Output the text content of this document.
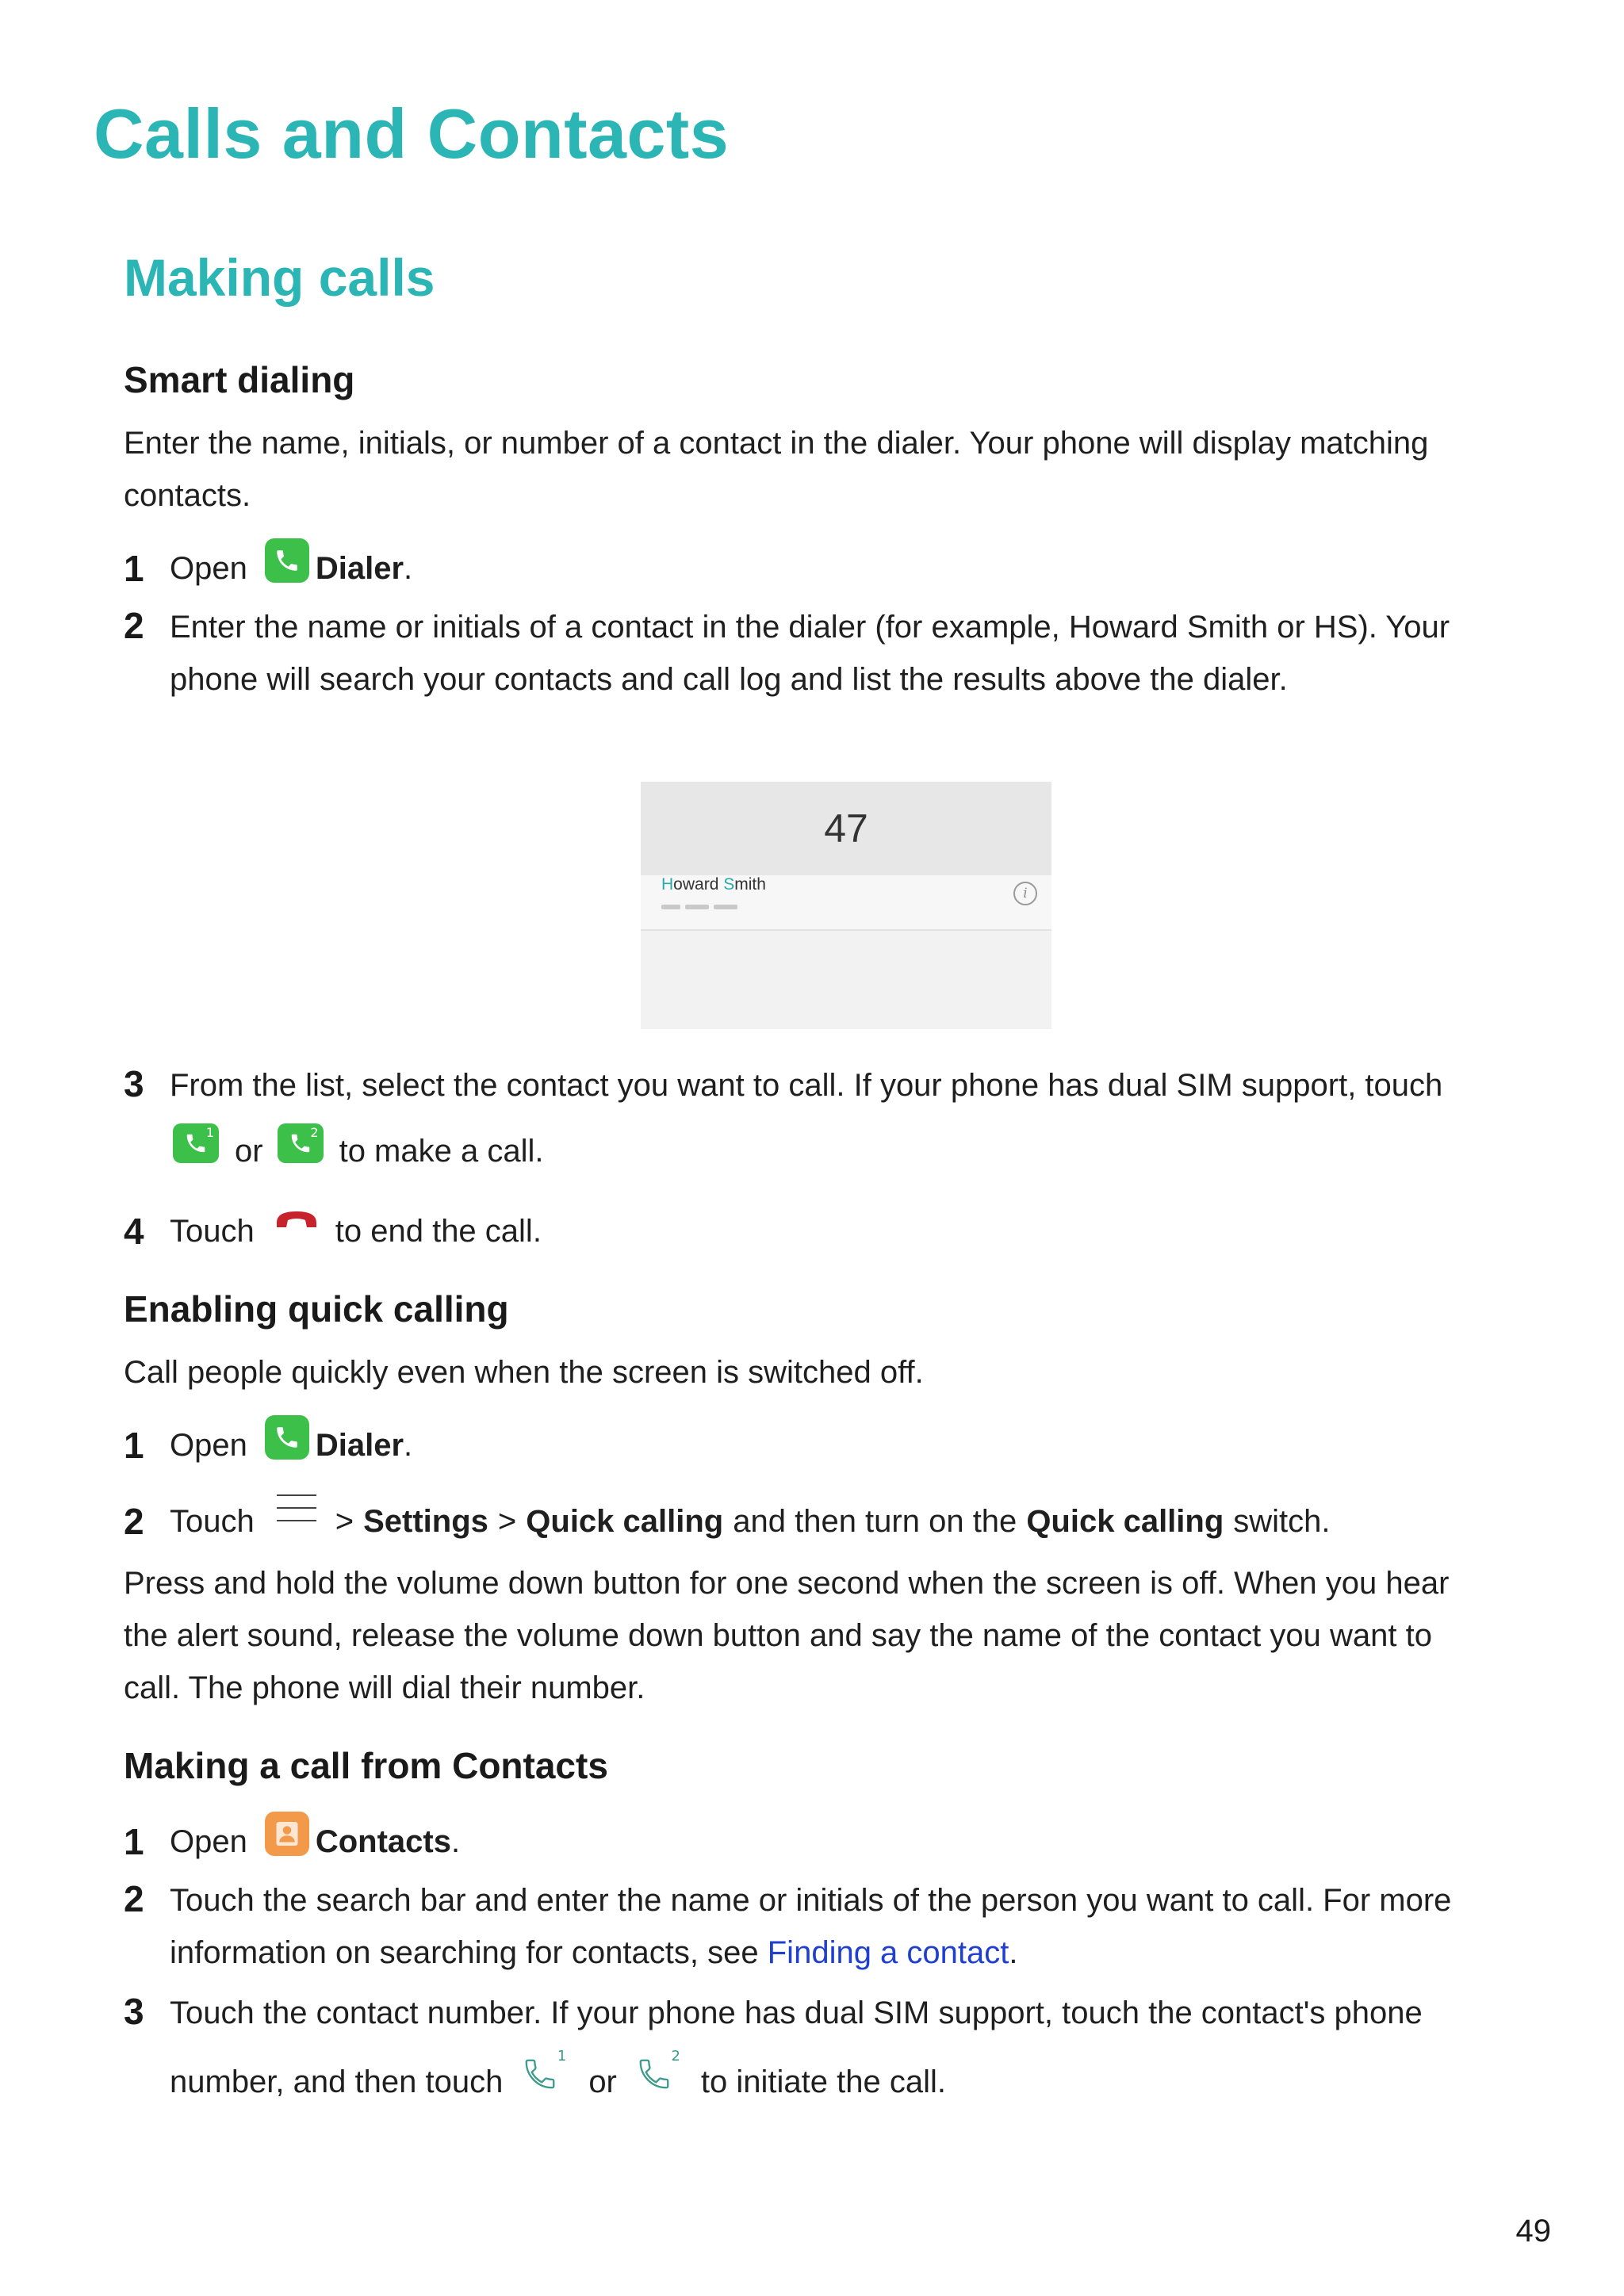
Calls and Contacts
Making calls
Smart dialing
Enter the name, initials, or number of a contact in the dialer. Your phone will display matching
contacts.
1 Open Dialer .
2 Enter the name or initials of a contact in the dialer (for example, Howard Smith or HS). Your
phone will search your contacts and call log and list the results above the dialer.
47
Howard Smith	i
3 From the list, select the contact you want to call. If your phone has dual SIM support, touch
1
or
2
to make a call.
4 Touch	to end the call.
Enabling quick calling
Call people quickly even when the screen is switched off.
1 Open Dialer .
2 Touch	> Settings > Quick calling and then turn on the Quick calling switch.
Press and hold the volume down button for one second when the screen is off. When you hear
the alert sound, release the volume down button and say the name of the contact you want to
call. The phone will dial their number.
Making a call from Contacts
1 Open Contacts .
2 Touch the search bar and enter the name or initials of the person you want to call. For more
information on searching for contacts, see Finding a contact.
3 Touch the contact number. If your phone has dual SIM support, touch the contact's phone
number, and then touch
1
or
2
to initiate the call.
49
